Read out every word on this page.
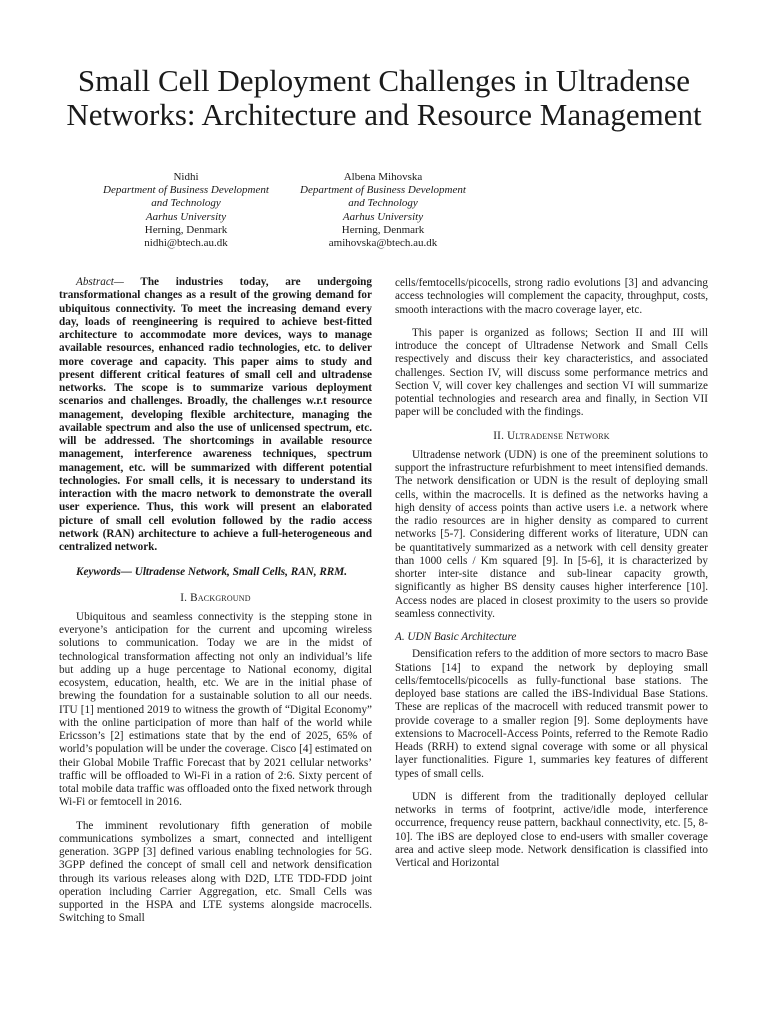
Small Cell Deployment Challenges in Ultradense Networks: Architecture and Resource Management
Nidhi
Department of Business Development
and Technology
Aarhus University
Herning, Denmark
nidhi@btech.au.dk
Albena Mihovska
Department of Business Development
and Technology
Aarhus University
Herning, Denmark
amihovska@btech.au.dk

Abstract— The industries today, are undergoing transformational changes as a result of the growing demand for ubiquitous connectivity. To meet the increasing demand every day, loads of reengineering is required to achieve best-fitted architecture to accommodate more devices, ways to manage available resources, enhanced radio technologies, etc. to deliver more coverage and capacity. This paper aims to study and present different critical features of small cell and ultradense networks. The scope is to summarize various deployment scenarios and challenges. Broadly, the challenges w.r.t resource management, developing flexible architecture, managing the available spectrum and also the use of unlicensed spectrum, etc. will be addressed. The shortcomings in available resource management, interference awareness techniques, spectrum management, etc. will be summarized with different potential technologies. For small cells, it is necessary to understand its interaction with the macro network to demonstrate the overall user experience. Thus, this work will present an elaborated picture of small cell evolution followed by the radio access network (RAN) architecture to achieve a full-heterogeneous and centralized network.

Keywords— Ultradense Network, Small Cells, RAN, RRM.

I. Background

Ubiquitous and seamless connectivity is the stepping stone in everyone’s anticipation for the current and upcoming wireless solutions to communication. Today we are in the midst of technological transformation affecting not only an individual’s life but adding up a huge percentage to National economy, digital ecosystem, education, health, etc. We are in the initial phase of brewing the foundation for a sustainable solution to all our needs. ITU [1] mentioned 2019 to witness the growth of “Digital Economy” with the online participation of more than half of the world while Ericsson’s [2] estimations state that by the end of 2025, 65% of world’s population will be under the coverage. Cisco [4] estimated on their Global Mobile Traffic Forecast that by 2021 cellular networks’ traffic will be offloaded to Wi-Fi in a ration of 2:6. Sixty percent of total mobile data traffic was offloaded onto the fixed network through Wi-Fi or femtocell in 2016.

The imminent revolutionary fifth generation of mobile communications symbolizes a smart, connected and intelligent generation. 3GPP [3] defined various enabling technologies for 5G. 3GPP defined the concept of small cell and network densification through its various releases along with D2D, LTE TDD-FDD joint operation including Carrier Aggregation, etc. Small Cells was supported in the HSPA and LTE systems alongside macrocells. Switching to Small

cells/femtocells/picocells, strong radio evolutions [3] and advancing access technologies will complement the capacity, throughput, costs, smooth interactions with the macro coverage layer, etc.

This paper is organized as follows; Section II and III will introduce the concept of Ultradense Network and Small Cells respectively and discuss their key characteristics, and associated challenges. Section IV, will discuss some performance metrics and Section V, will cover key challenges and section VI will summarize potential technologies and research area and finally, in Section VII paper will be concluded with the findings.

II. Ultradense Network

Ultradense network (UDN) is one of the preeminent solutions to support the infrastructure refurbishment to meet intensified demands. The network densification or UDN is the result of deploying small cells, within the macrocells. It is defined as the networks having a high density of access points than active users i.e. a network where the radio resources are in higher density as compared to current networks [5-7]. Considering different works of literature, UDN can be quantitatively summarized as a network with cell density greater than 1000 cells / Km squared [9]. In [5-6], it is characterized by shorter inter-site distance and sub-linear capacity growth, significantly as higher BS density causes higher interference [10]. Access nodes are placed in closest proximity to the users so provide seamless connectivity.

A. UDN Basic Architecture

Densification refers to the addition of more sectors to macro Base Stations [14] to expand the network by deploying small cells/femtocells/picocells as fully-functional base stations. The deployed base stations are called the iBS-Individual Base Stations. These are replicas of the macrocell with reduced transmit power to provide coverage to a smaller region [9]. Some deployments have extensions to Macrocell-Access Points, referred to the Remote Radio Heads (RRH) to extend signal coverage with some or all physical layer functionalities. Figure 1, summaries key features of different types of small cells.

UDN is different from the traditionally deployed cellular networks in terms of footprint, active/idle mode, interference occurrence, frequency reuse pattern, backhaul connectivity, etc. [5, 8-10]. The iBS are deployed close to end-users with smaller coverage area and active sleep mode. Network densification is classified into Vertical and Horizontal
